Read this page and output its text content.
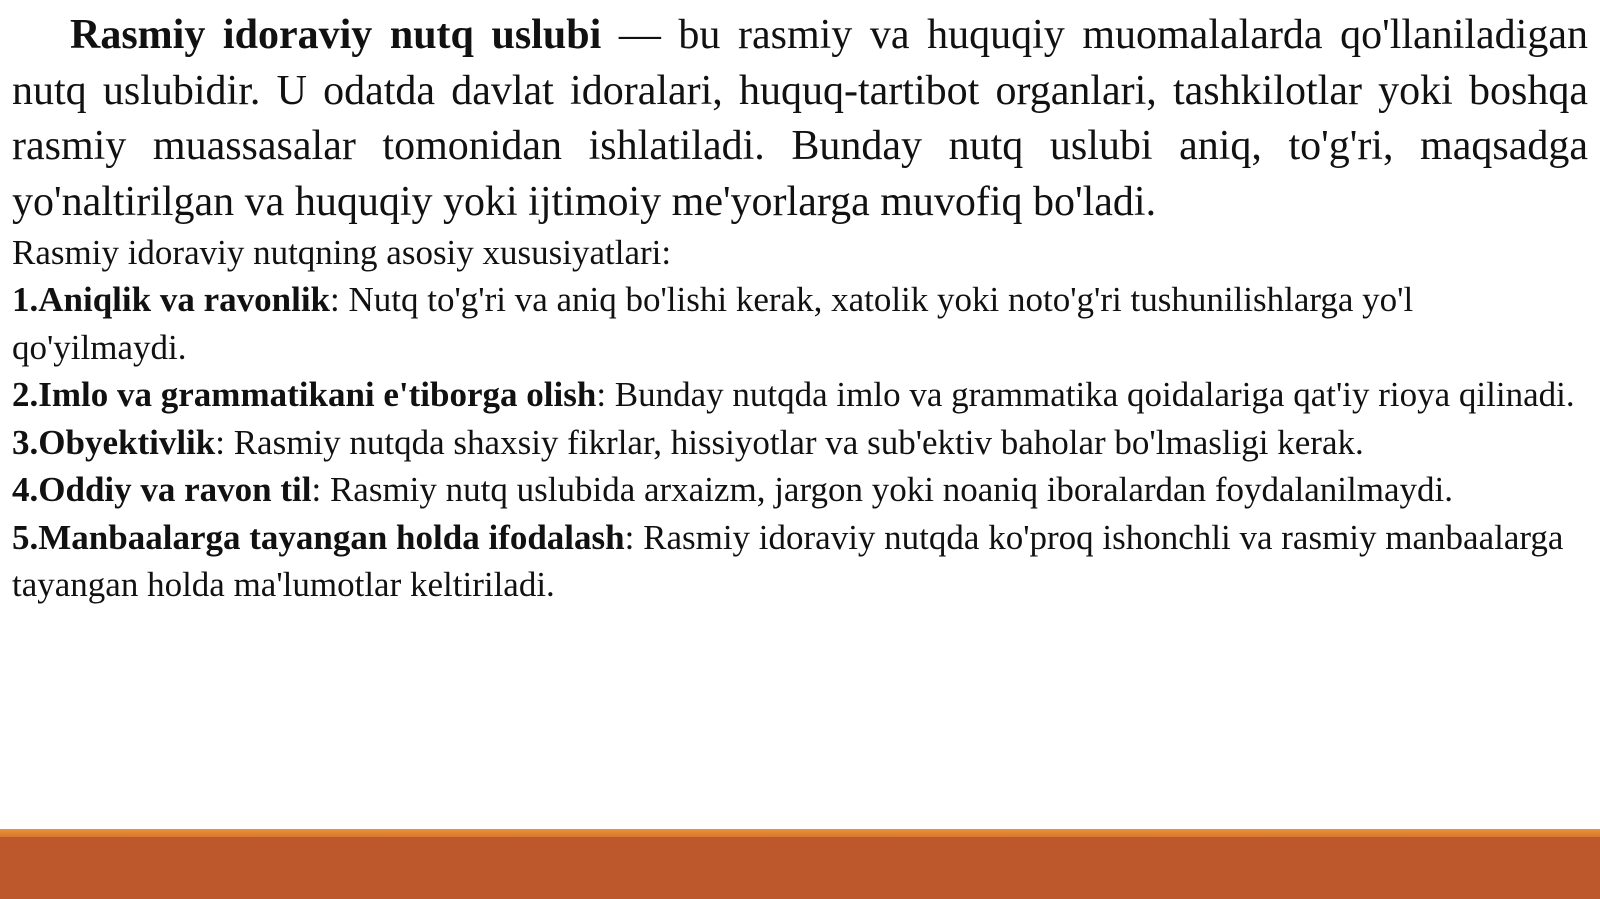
Rasmiy idoraviy nutq uslubi — bu rasmiy va huquqiy muomalalarda qo'llaniladigan nutq uslubidir. U odatda davlat idoralari, huquq-tartibot organlari, tashkilotlar yoki boshqa rasmiy muassasalar tomonidan ishlatiladi. Bunday nutq uslubi aniq, to'g'ri, maqsadga yo'naltirilgan va huquqiy yoki ijtimoiy me'yorlarga muvofiq bo'ladi.

Rasmiy idoraviy nutqning asosiy xususiyatlari:

1.Aniqlik va ravonlik: Nutq to'g'ri va aniq bo'lishi kerak, xatolik yoki noto'g'ri tushunilishlarga yo'l qo'yilmaydi.

2.Imlo va grammatikani e'tiborga olish: Bunday nutqda imlo va grammatika qoidalariga qat'iy rioya qilinadi.

3.Obyektivlik: Rasmiy nutqda shaxsiy fikrlar, hissiyotlar va sub'ektiv baholar bo'lmasligi kerak.

4.Oddiy va ravon til: Rasmiy nutq uslubida arxaizm, jargon yoki noaniq iboralardan foydalanilmaydi.

5.Manbaalarga tayangan holda ifodalash: Rasmiy idoraviy nutqda ko'proq ishonchli va rasmiy manbaalarga tayangan holda ma'lumotlar keltiriladi.
